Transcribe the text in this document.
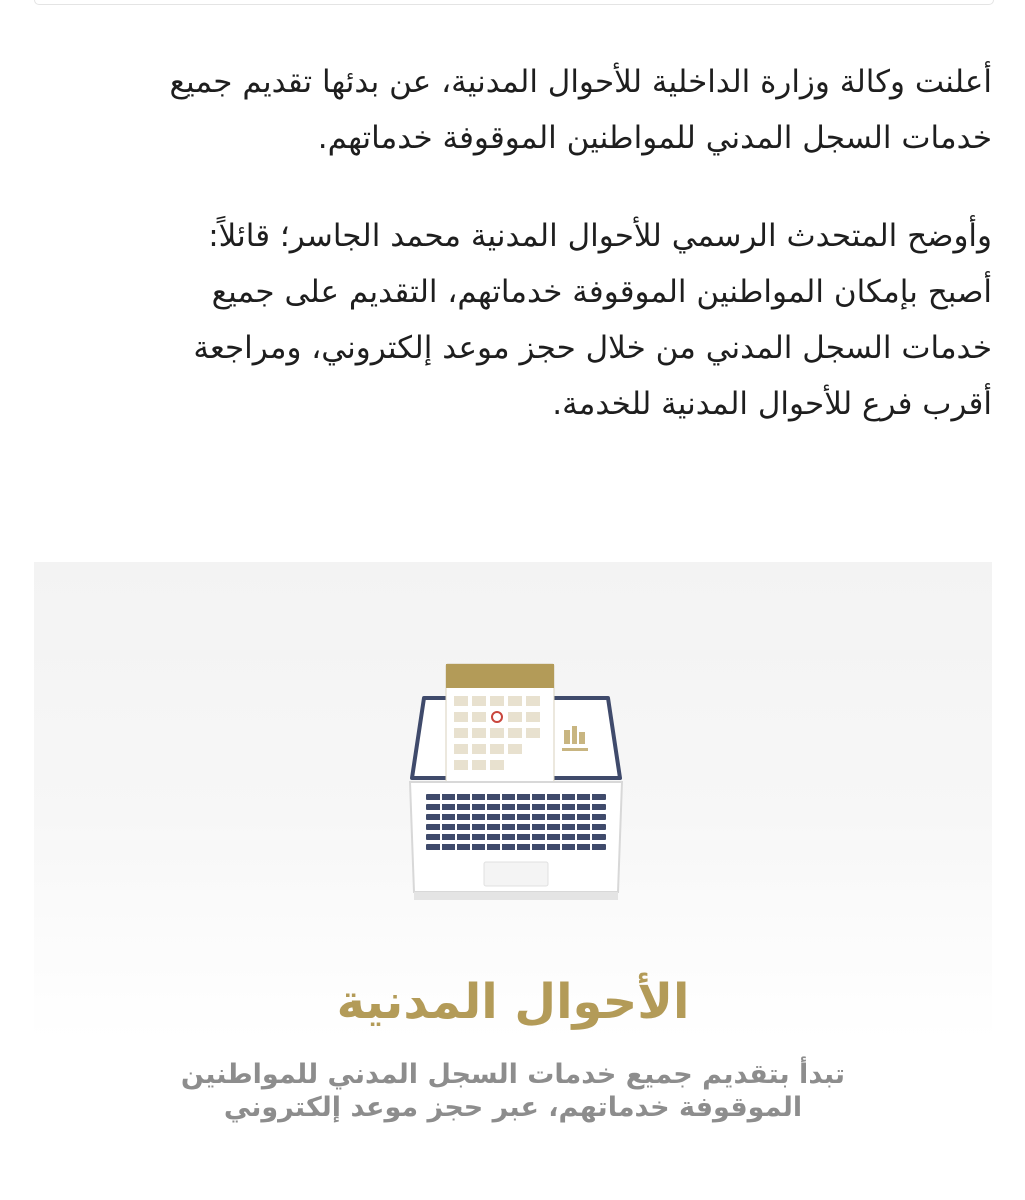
أعلنت وكالة وزارة الداخلية للأحوال المدنية، عن بدئها تقديم جميع

خدمات السجل المدني للمواطنين الموقوفة خدماتهم.

وأوضح المتحدث الرسمي للأحوال المدنية محمد الجاسر؛ قائلاً:

أصبح بإمكان المواطنين الموقوفة خدماتهم، التقديم على جميع

خدمات السجل المدني من خلال حجز موعد إلكتروني، ومراجعة

أقرب فرع للأحوال المدنية للخدمة.

الأحوال المدنية

تبدأ بتقديم جميع خدمات السجل المدني للمواطنين

الموقوفة خدماتهم، عبر حجز موعد إلكتروني
